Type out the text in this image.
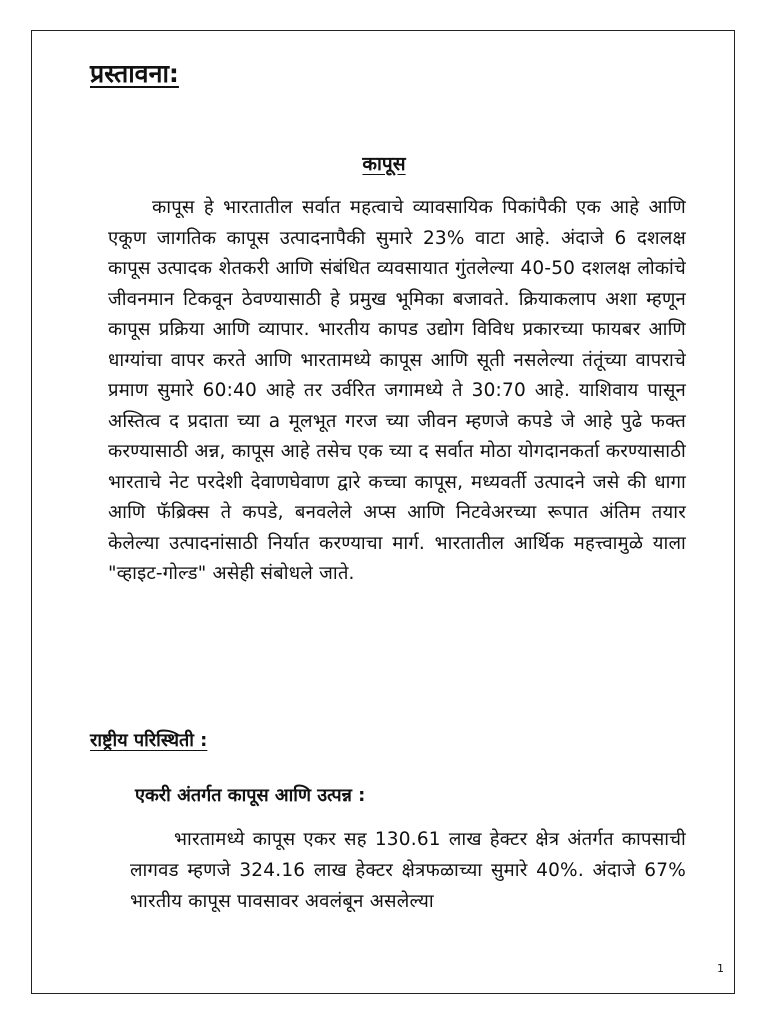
प्रस्तावना:
कापूस

कापूस हे भारतातील सर्वात महत्वाचे व्यावसायिक पिकांपैकी एक आहे आणि एकूण जागतिक कापूस उत्पादनापैकी सुमारे 23% वाटा आहे. अंदाजे 6 दशलक्ष कापूस उत्पादक शेतकरी आणि संबंधित व्यवसायात गुंतलेल्या 40-50 दशलक्ष लोकांचे जीवनमान टिकवून ठेवण्यासाठी हे प्रमुख भूमिका बजावते. क्रियाकलाप अशा म्हणून कापूस प्रक्रिया आणि व्यापार. भारतीय कापड उद्योग विविध प्रकारच्या फायबर आणि धाग्यांचा वापर करते आणि भारतामध्ये कापूस आणि सूती नसलेल्या तंतूंच्या वापराचे प्रमाण सुमारे 60:40 आहे तर उर्वरित जगामध्ये ते 30:70 आहे. याशिवाय पासून अस्तित्व द प्रदाता च्या a मूलभूत गरज च्या जीवन म्हणजे कपडे जे आहे पुढे फक्त करण्यासाठी अन्न, कापूस आहे तसेच एक च्या द सर्वात मोठा योगदानकर्ता करण्यासाठी भारताचे नेट परदेशी देवाणघेवाण द्वारे कच्चा कापूस, मध्यवर्ती उत्पादने जसे की धागा आणि फॅब्रिक्स ते कपडे, बनवलेले अप्स आणि निटवेअरच्या रूपात अंतिम तयार केलेल्या उत्पादनांसाठी निर्यात करण्याचा मार्ग. भारतातील आर्थिक महत्त्वामुळे याला "व्हाइट-गोल्ड" असेही संबोधले जाते.

राष्ट्रीय परिस्थिती :
एकरी अंतर्गत कापूस आणि उत्पन्न :

भारतामध्ये कापूस एकर सह 130.61 लाख हेक्टर क्षेत्र अंतर्गत कापसाची लागवड म्हणजे 324.16 लाख हेक्टर क्षेत्रफळाच्या सुमारे 40%. अंदाजे 67% भारतीय कापूस पावसावर अवलंबून असलेल्या

1
